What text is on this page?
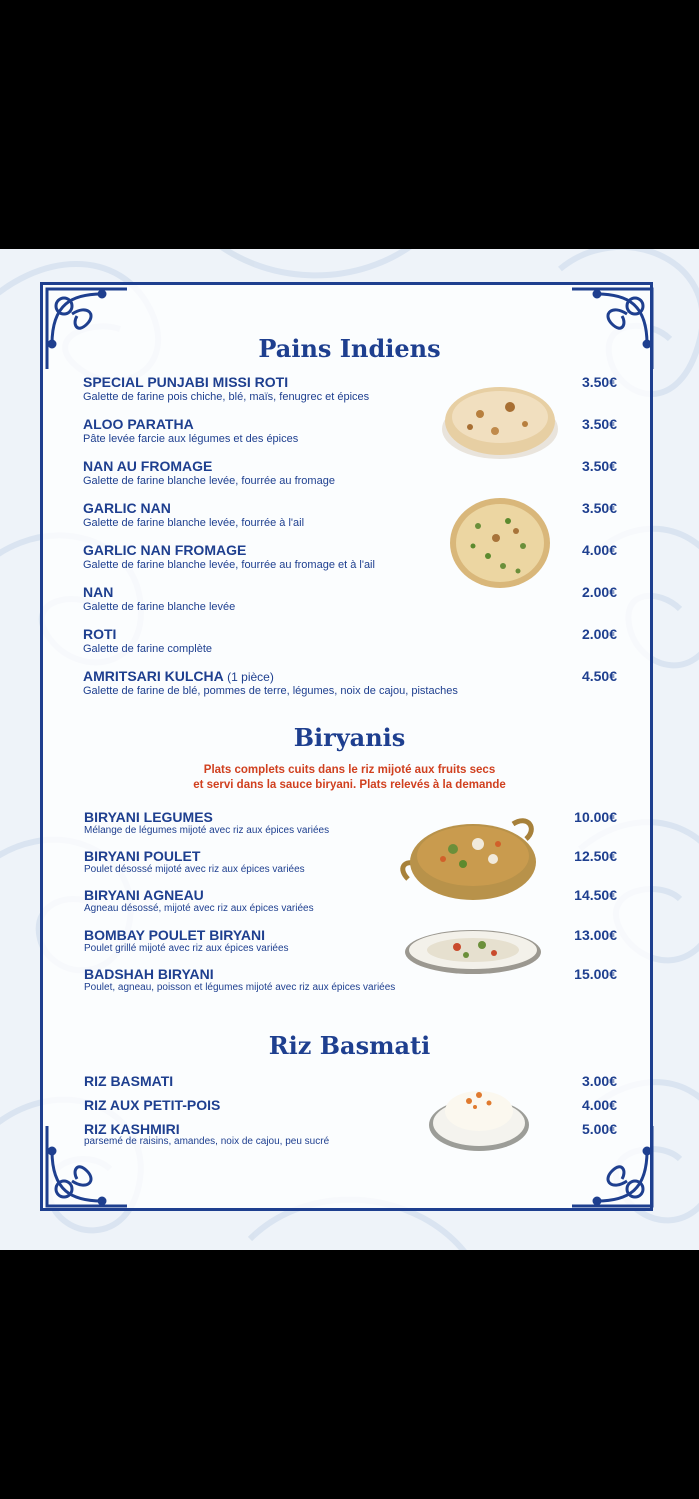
Pains Indiens
SPECIAL PUNJABI MISSI ROTI
Galette de farine pois chiche, blé, maïs, fenugrec et épices
3.50€
ALOO PARATHA
Pâte levée farcie aux légumes et des épices
3.50€
NAN AU FROMAGE
Galette de farine blanche levée, fourrée au fromage
3.50€
GARLIC NAN
Galette de farine blanche levée, fourrée à l'ail
3.50€
GARLIC NAN FROMAGE
Galette de farine blanche levée, fourrée au fromage et à l'ail
4.00€
NAN
Galette de farine blanche levée
2.00€
ROTI
Galette de farine complète
2.00€
AMRITSARI KULCHA (1 pièce)
Galette de farine de blé, pommes de terre, légumes, noix de cajou, pistaches
4.50€
Biryanis
Plats complets cuits dans le riz mijoté aux fruits secs
et servi dans la sauce biryani. Plats relevés à la demande
BIRYANI LEGUMES
Mélange de légumes mijoté avec riz aux épices variées
10.00€
BIRYANI POULET
Poulet désossé mijoté avec riz aux épices variées
12.50€
BIRYANI AGNEAU
Agneau désossé, mijoté avec riz aux épices variées
14.50€
BOMBAY POULET BIRYANI
Poulet grillé mijoté avec riz aux épices variées
13.00€
BADSHAH BIRYANI
Poulet, agneau, poisson et légumes mijoté avec riz aux épices variées
15.00€
Riz Basmati
RIZ BASMATI	3.00€
RIZ AUX PETIT-POIS	4.00€
RIZ KASHMIRI
parsemé de raisins, amandes, noix de cajou, peu sucré
5.00€
